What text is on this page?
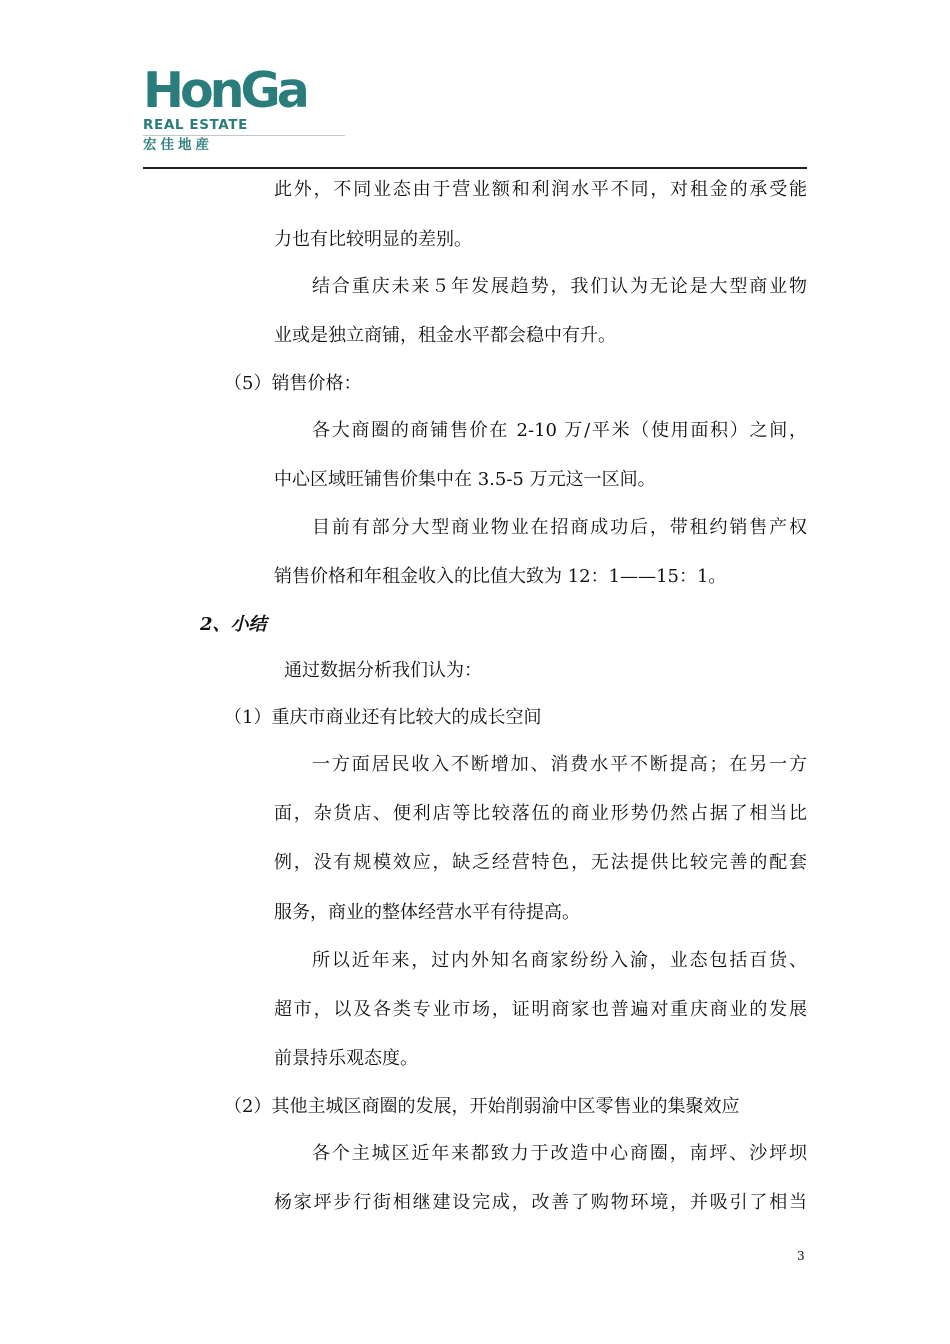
HonGa
REAL ESTATE
宏佳地産
此外，不同业态由于营业额和利润水平不同，对租金的承受能
力也有比较明显的差别。
结合重庆未来５年发展趋势，我们认为无论是大型商业物
业或是独立商铺，租金水平都会稳中有升。
（5）销售价格：
各大商圈的商铺售价在 2-10 万/平米（使用面积）之间，
中心区域旺铺售价集中在 3.5-5 万元这一区间。
目前有部分大型商业物业在招商成功后，带租约销售产权
销售价格和年租金收入的比值大致为 12：1——15：1。
2、小结
通过数据分析我们认为：
（1）重庆市商业还有比较大的成长空间
一方面居民收入不断增加、消费水平不断提高；在另一方
面，杂货店、便利店等比较落伍的商业形势仍然占据了相当比
例，没有规模效应，缺乏经营特色，无法提供比较完善的配套
服务，商业的整体经营水平有待提高。
所以近年来，过内外知名商家纷纷入渝，业态包括百货、
超市，以及各类专业市场，证明商家也普遍对重庆商业的发展
前景持乐观态度。
（2）其他主城区商圈的发展，开始削弱渝中区零售业的集聚效应
各个主城区近年来都致力于改造中心商圈，南坪、沙坪坝
杨家坪步行街相继建设完成，改善了购物环境，并吸引了相当
3
